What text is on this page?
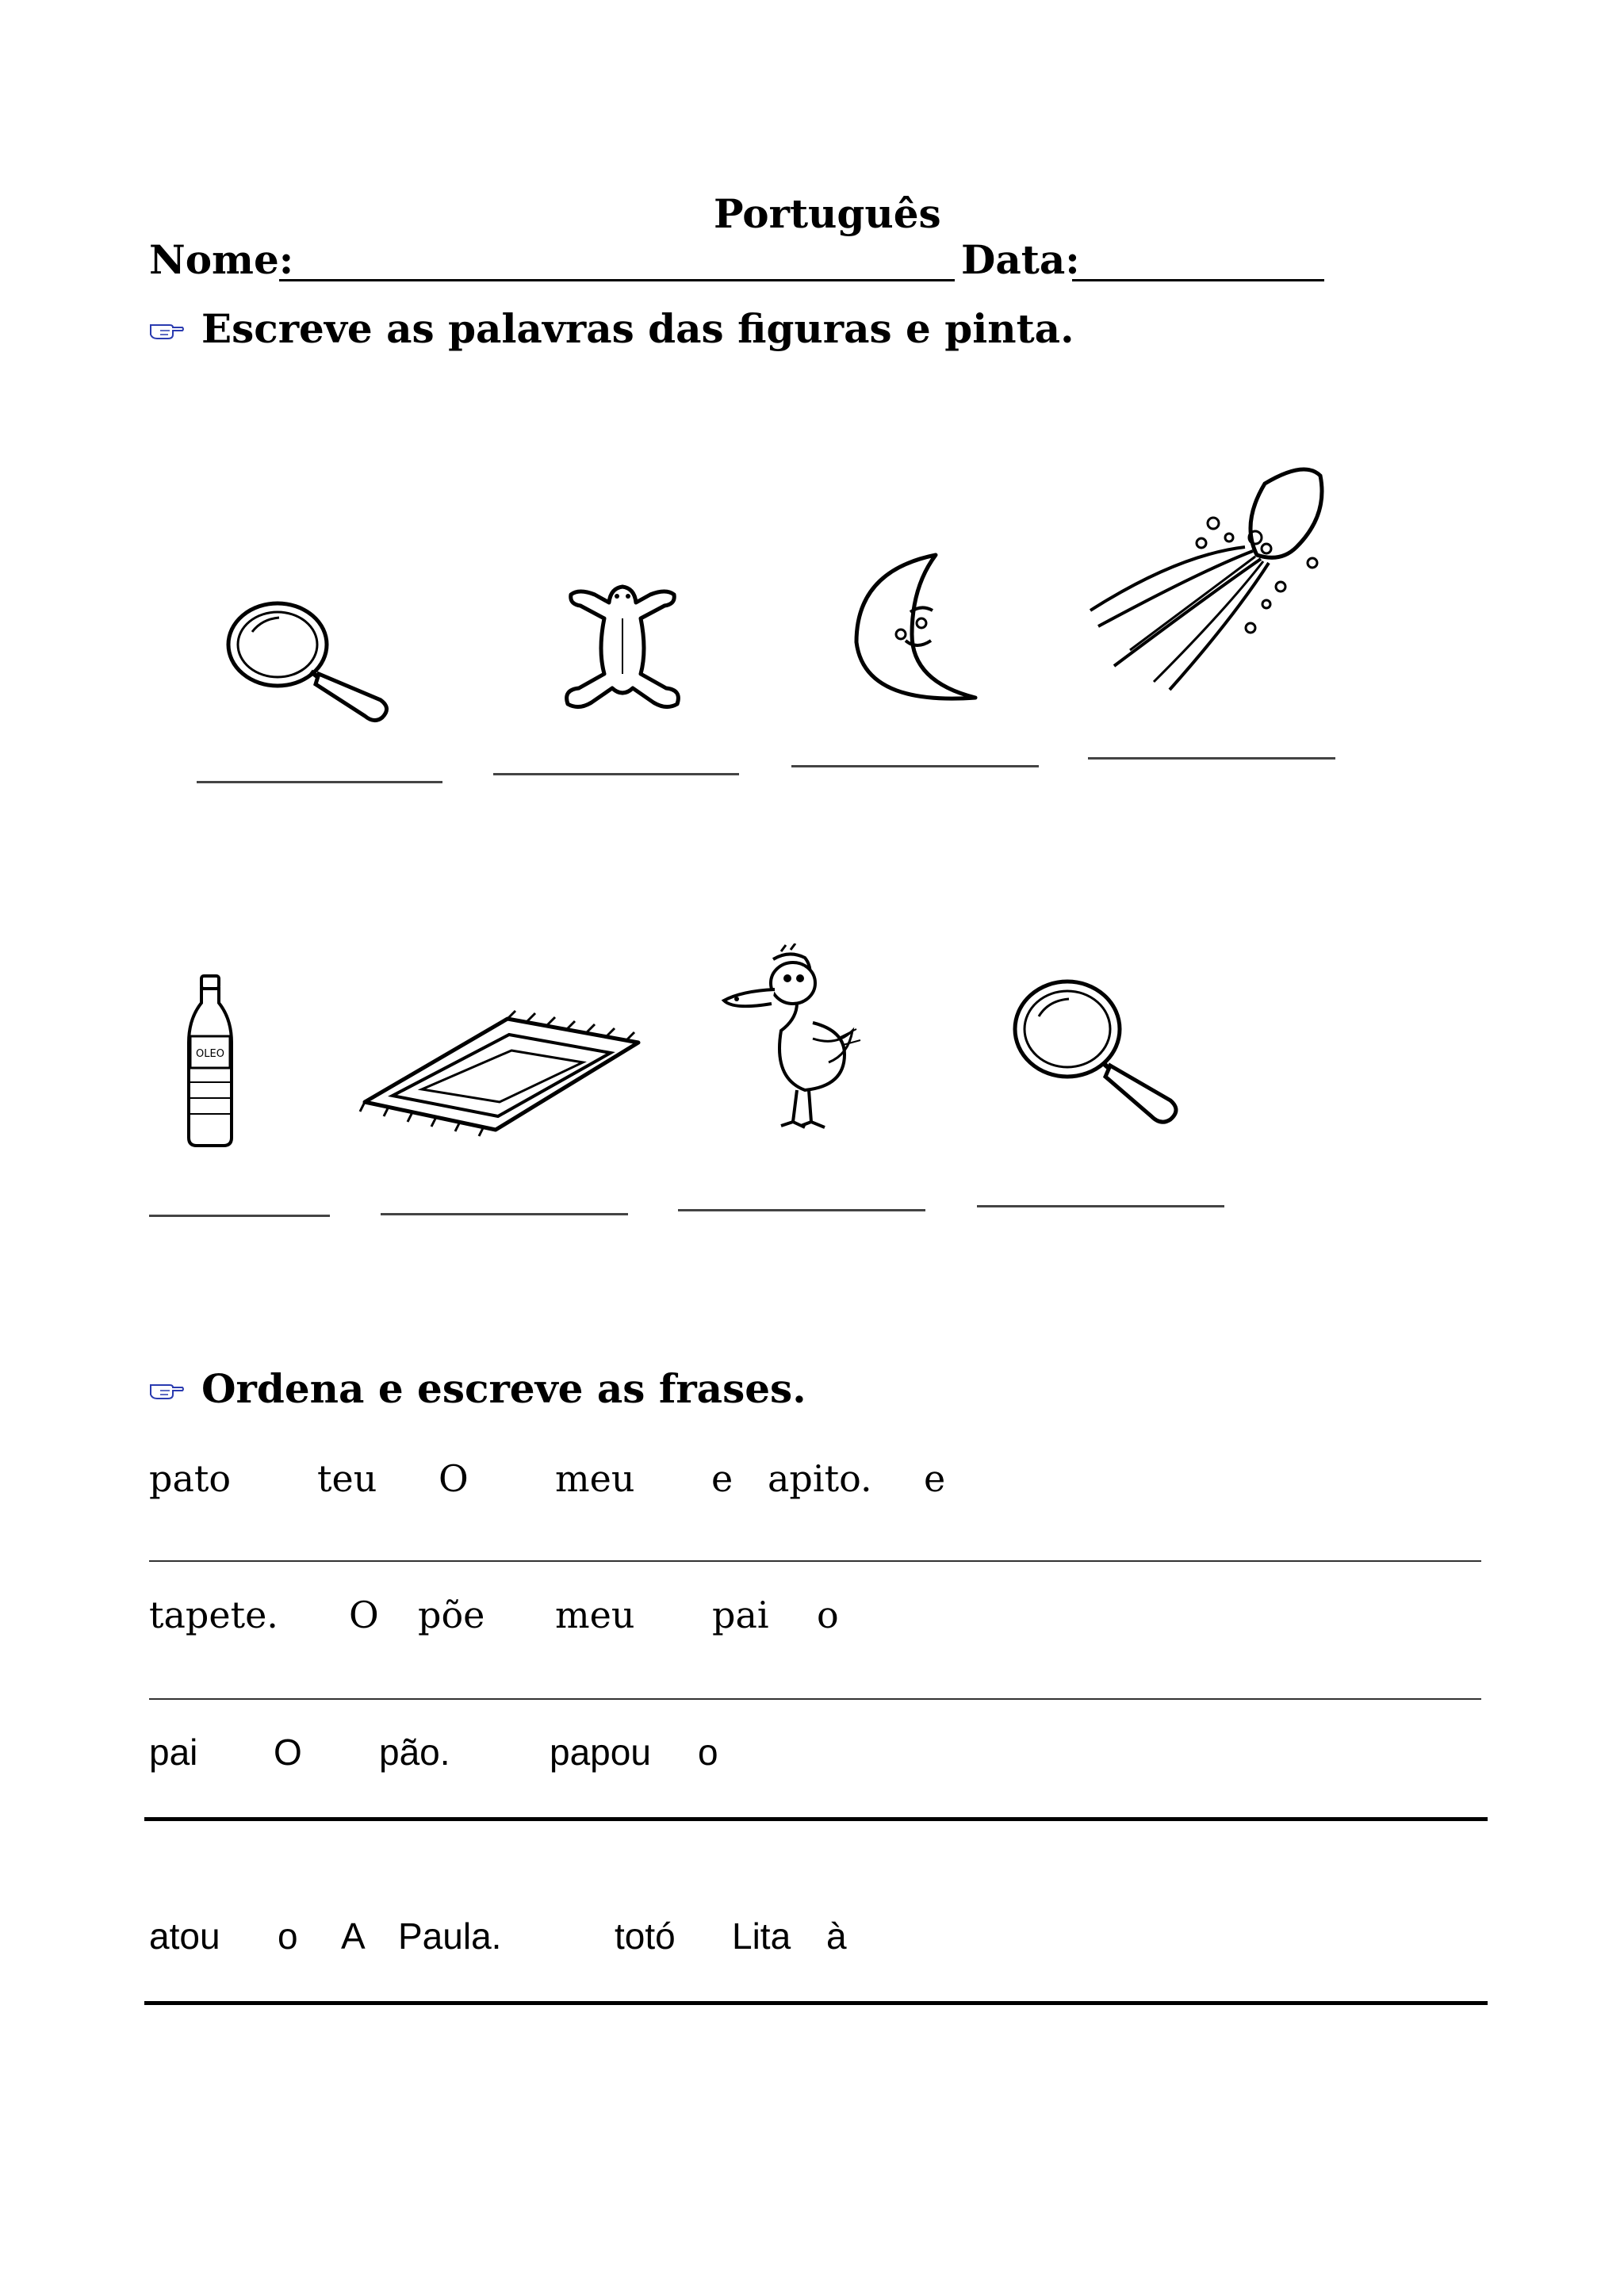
Português
Nome:	Data:
Escreve as palavras das figuras e pinta.
OLEO
Ordena e escreve as frases.
pato teu O meu e apito. e
tapete. O põe meu pai o
pai O pão.	papou o
atou o A Paula.	totó Lita à
